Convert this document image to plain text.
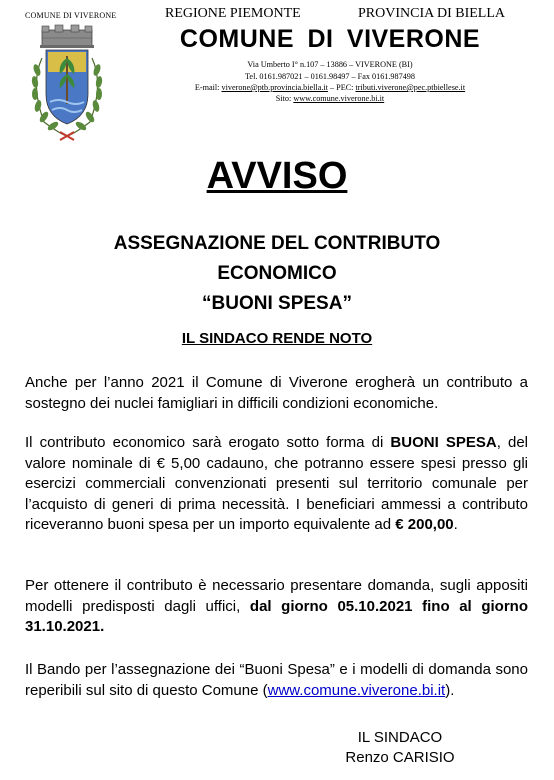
COMUNE DI VIVERONE	REGIONE PIEMONTE	PROVINCIA DI BIELLA
COMUNE DI VIVERONE
Via Umberto I° n.107 – 13886 – VIVERONE (BI)
Tel. 0161.987021 – 0161.98497 – Fax 0161.987498
E-mail: viverone@ptb.provincia.biella.it – PEC: tributi.viverone@pec.ptbiellese.it
Sito: www.comune.viverone.bi.it
AVVISO
ASSEGNAZIONE DEL CONTRIBUTO
ECONOMICO
“BUONI SPESA”
IL SINDACO RENDE NOTO
Anche per l’anno 2021 il Comune di Viverone erogherà un contributo a sostegno dei nuclei famigliari in difficili condizioni economiche.
Il contributo economico sarà erogato sotto forma di BUONI SPESA, del valore nominale di € 5,00 cadauno, che potranno essere spesi presso gli esercizi commerciali convenzionati presenti sul territorio comunale per l’acquisto di generi di prima necessità. I beneficiari ammessi a contributo riceveranno buoni spesa per un importo equivalente ad € 200,00.
Per ottenere il contributo è necessario presentare domanda, sugli appositi modelli predisposti dagli uffici, dal giorno 05.10.2021 fino al giorno 31.10.2021.
Il Bando per l’assegnazione dei “Buoni Spesa” e i modelli di domanda sono reperibili sul sito di questo Comune (www.comune.viverone.bi.it).
IL SINDACO
Renzo CARISIO
